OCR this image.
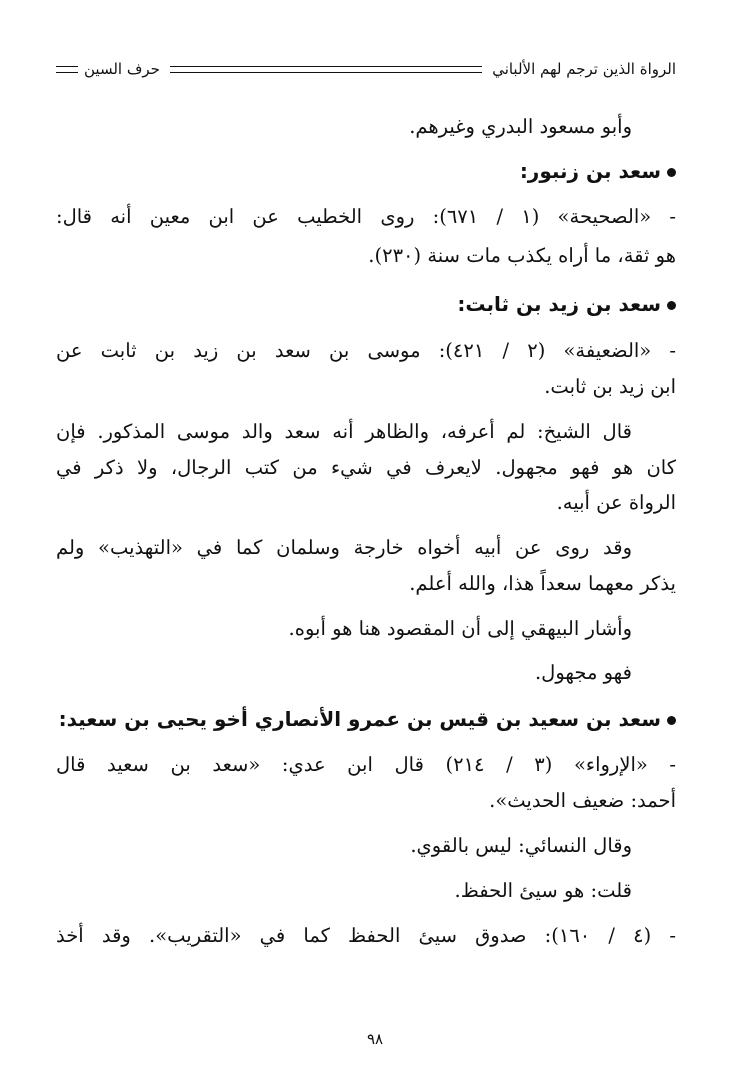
الرواة الذين ترجم لهم الألباني
حرف السين
وأبو مسعود البدري وغيرهم.
سعد بن زنبور:
- «الصحيحة» (١ / ٦٧١): روى الخطيب عن ابن معين أنه قال:
هو ثقة، ما أراه يكذب مات سنة (٢٣٠).
سعد بن زيد بن ثابت:
- «الضعيفة» (٢ / ٤٢١): موسى بن سعد بن زيد بن ثابت عن
ابن زيد بن ثابت.
قال الشيخ: لم أعرفه، والظاهر أنه سعد والد موسى المذكور. فإن
كان هو فهو مجهول. لايعرف في شيء من كتب الرجال، ولا ذكر في
الرواة عن أبيه.
وقد روى عن أبيه أخواه خارجة وسلمان كما في «التهذيب» ولم
يذكر معهما سعداً هذا، والله أعلم.
وأشار البيهقي إلى أن المقصود هنا هو أبوه.
فهو مجهول.
سعد بن سعيد بن قيس بن عمرو الأنصاري أخو يحيى بن سعيد:
- «الإرواء» (٣ / ٢١٤) قال ابن عدي: «سعد بن سعيد قال
أحمد: ضعيف الحديث».
وقال النسائي: ليس بالقوي.
قلت: هو سيئ الحفظ.
- (٤ / ١٦٠): صدوق سيئ الحفظ كما في «التقريب». وقد أخذ
٩٨
